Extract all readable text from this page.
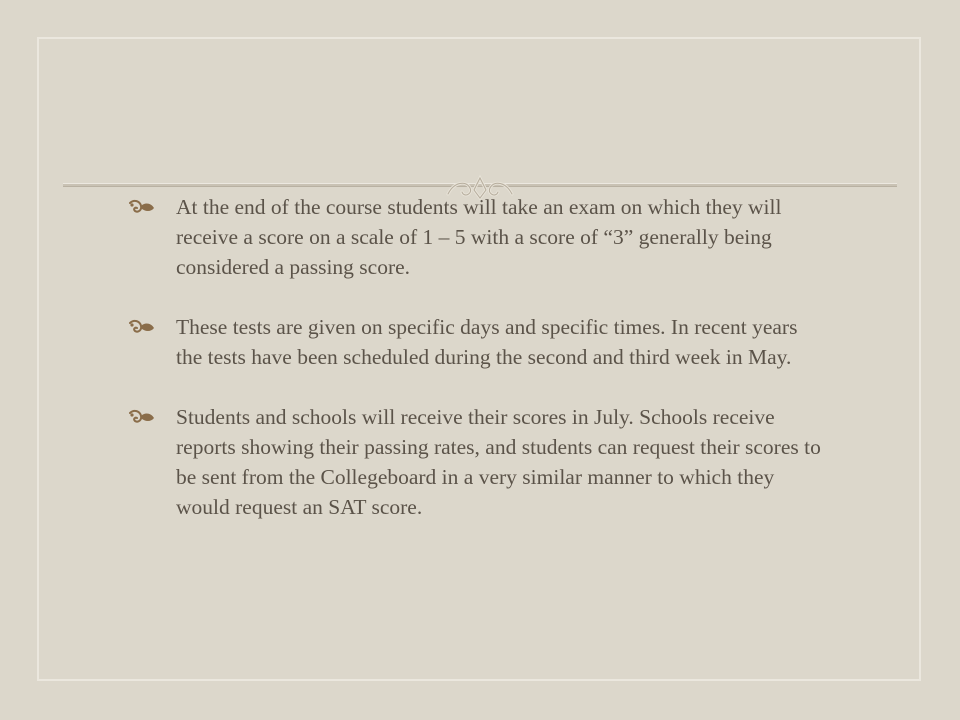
At the end of the course students will take an exam on which they will receive a score on a scale of 1 – 5 with a score of “3” generally being considered a passing score.
These tests are given on specific days and specific times. In recent years the tests have been scheduled during the second and third week in May.
Students and schools will receive their scores in July. Schools receive reports showing their passing rates, and students can request their scores to be sent from the Collegeboard in a very similar manner to which they would request an SAT score.
